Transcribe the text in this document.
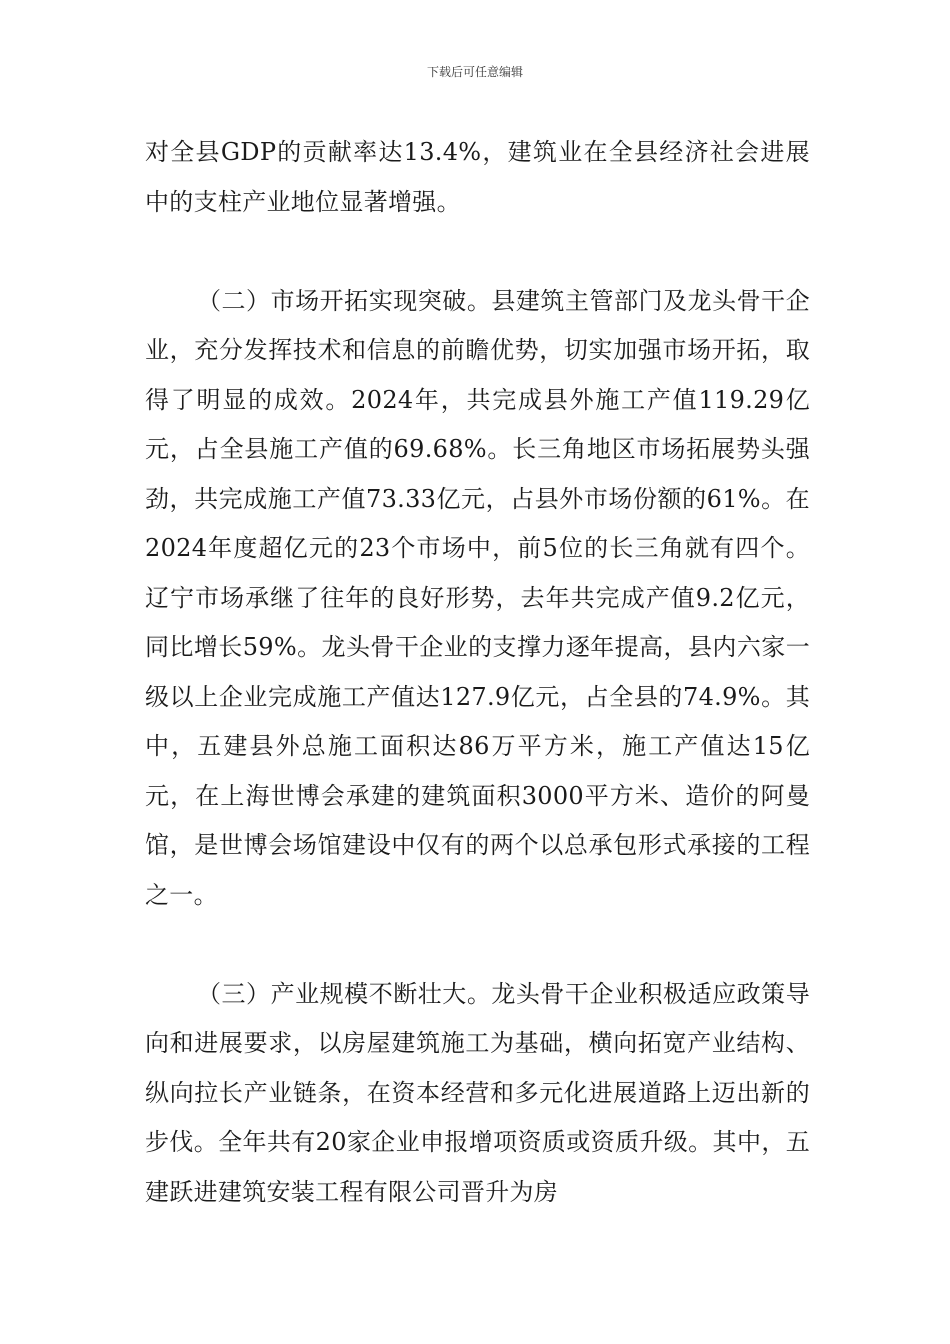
下载后可任意编辑

对全县GDP的贡献率达13.4%，建筑业在全县经济社会进展中的支柱产业地位显著增强。

（二）市场开拓实现突破。县建筑主管部门及龙头骨干企业，充分发挥技术和信息的前瞻优势，切实加强市场开拓，取得了明显的成效。2024年，共完成县外施工产值119.29亿元，占全县施工产值的69.68%。长三角地区市场拓展势头强劲，共完成施工产值73.33亿元，占县外市场份额的61%。在2024年度超亿元的23个市场中，前5位的长三角就有四个。辽宁市场承继了往年的良好形势，去年共完成产值9.2亿元，同比增长59%。龙头骨干企业的支撑力逐年提高，县内六家一级以上企业完成施工产值达127.9亿元，占全县的74.9%。其中，五建县外总施工面积达86万平方米，施工产值达15亿元，在上海世博会承建的建筑面积3000平方米、造价的阿曼馆，是世博会场馆建设中仅有的两个以总承包形式承接的工程之一。

（三）产业规模不断壮大。龙头骨干企业积极适应政策导向和进展要求，以房屋建筑施工为基础，横向拓宽产业结构、纵向拉长产业链条，在资本经营和多元化进展道路上迈出新的步伐。全年共有20家企业申报增项资质或资质升级。其中，五建跃进建筑安装工程有限公司晋升为房
